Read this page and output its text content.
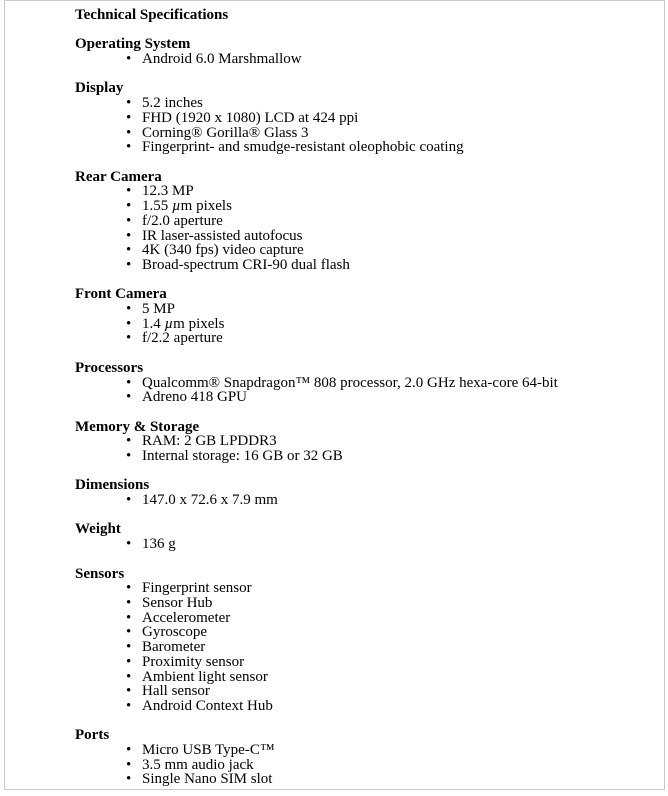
Technical Specifications
Operating System
• Android 6.0 Marshmallow
Display
• 5.2 inches
• FHD (1920 x 1080) LCD at 424 ppi
• Corning® Gorilla® Glass 3
• Fingerprint- and smudge-resistant oleophobic coating
Rear Camera
• 12.3 MP
• 1.55 µm pixels
• f/2.0 aperture
• IR laser-assisted autofocus
• 4K (340 fps) video capture
• Broad-spectrum CRI-90 dual flash
Front Camera
• 5 MP
• 1.4 µm pixels
• f/2.2 aperture
Processors
• Qualcomm® Snapdragon™ 808 processor, 2.0 GHz hexa-core 64-bit
• Adreno 418 GPU
Memory & Storage
• RAM: 2 GB LPDDR3
• Internal storage: 16 GB or 32 GB
Dimensions
• 147.0 x 72.6 x 7.9 mm
Weight
• 136 g
Sensors
• Fingerprint sensor
• Sensor Hub
• Accelerometer
• Gyroscope
• Barometer
• Proximity sensor
• Ambient light sensor
• Hall sensor
• Android Context Hub
Ports
• Micro USB Type-C™
• 3.5 mm audio jack
• Single Nano SIM slot
